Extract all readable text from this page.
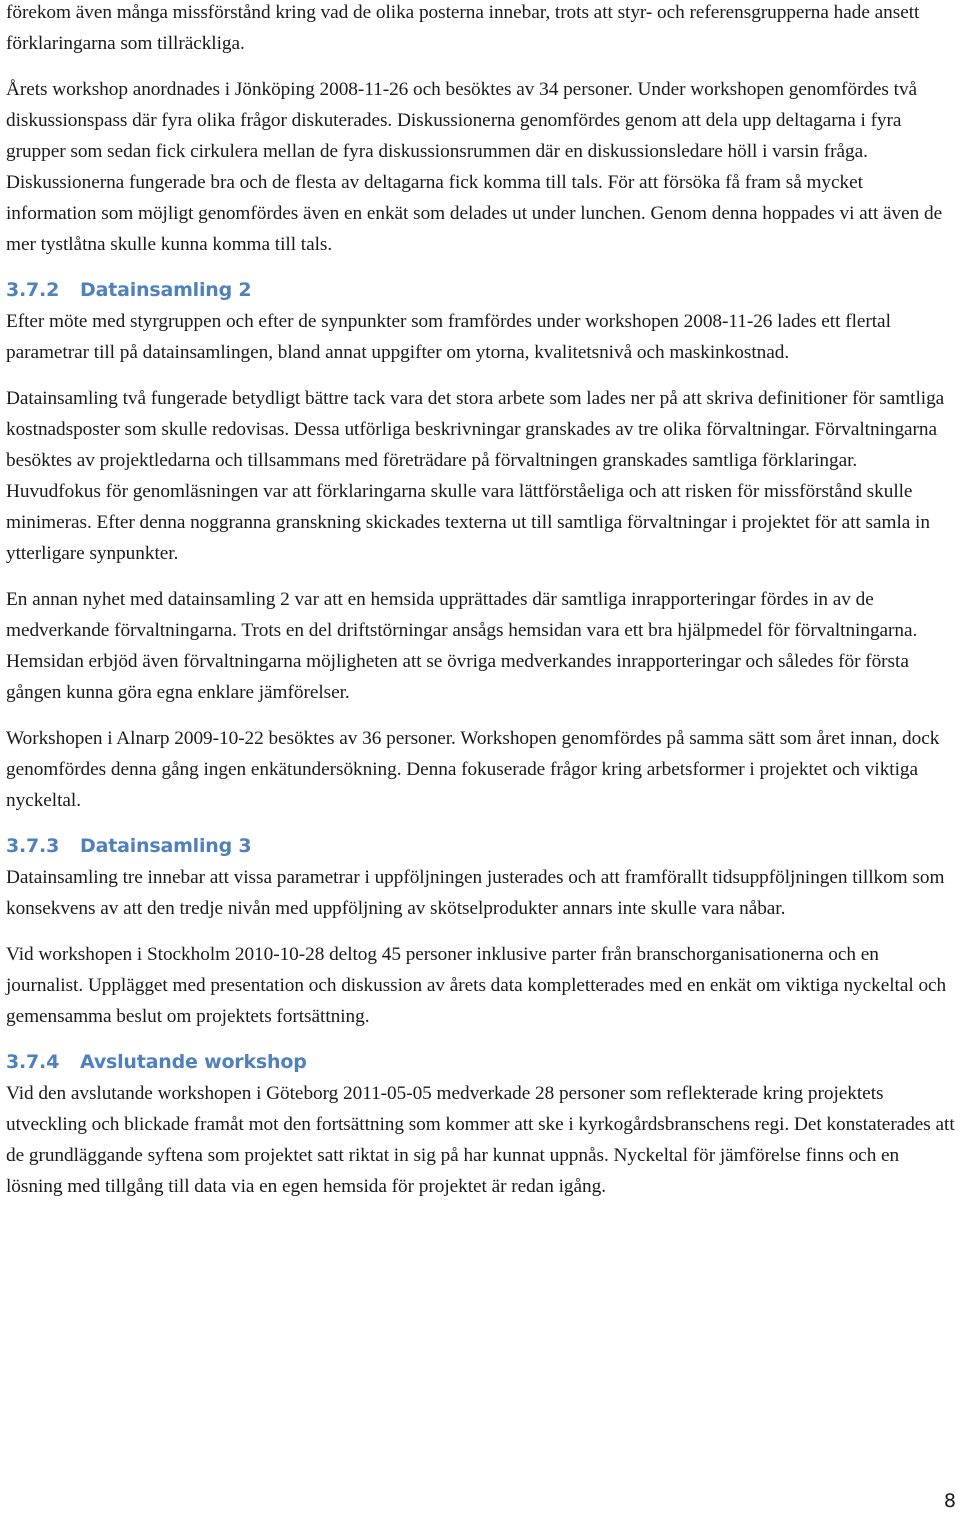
förekom även många missförstånd kring vad de olika posterna innebar, trots att styr- och referensgrupperna hade ansett förklaringarna som tillräckliga.

Årets workshop anordnades i Jönköping 2008-11-26 och besöktes av 34 personer. Under workshopen genomfördes två diskussionspass där fyra olika frågor diskuterades. Diskussionerna genomfördes genom att dela upp deltagarna i fyra grupper som sedan fick cirkulera mellan de fyra diskussionsrummen där en diskussionsledare höll i varsin fråga. Diskussionerna fungerade bra och de flesta av deltagarna fick komma till tals. För att försöka få fram så mycket information som möjligt genomfördes även en enkät som delades ut under lunchen. Genom denna hoppades vi att även de mer tystlåtna skulle kunna komma till tals.

3.7.2 Datainsamling 2

Efter möte med styrgruppen och efter de synpunkter som framfördes under workshopen 2008-11-26 lades ett flertal parametrar till på datainsamlingen, bland annat uppgifter om ytorna, kvalitetsnivå och maskinkostnad.

Datainsamling två fungerade betydligt bättre tack vara det stora arbete som lades ner på att skriva definitioner för samtliga kostnadsposter som skulle redovisas. Dessa utförliga beskrivningar granskades av tre olika förvaltningar. Förvaltningarna besöktes av projektledarna och tillsammans med företrädare på förvaltningen granskades samtliga förklaringar. Huvudfokus för genomläsningen var att förklaringarna skulle vara lättförståeliga och att risken för missförstånd skulle minimeras. Efter denna noggranna granskning skickades texterna ut till samtliga förvaltningar i projektet för att samla in ytterligare synpunkter.

En annan nyhet med datainsamling 2 var att en hemsida upprättades där samtliga inrapporteringar fördes in av de medverkande förvaltningarna. Trots en del driftstörningar ansågs hemsidan vara ett bra hjälpmedel för förvaltningarna. Hemsidan erbjöd även förvaltningarna möjligheten att se övriga medverkandes inrapporteringar och således för första gången kunna göra egna enklare jämförelser.

Workshopen i Alnarp 2009-10-22 besöktes av 36 personer. Workshopen genomfördes på samma sätt som året innan, dock genomfördes denna gång ingen enkätundersökning. Denna fokuserade frågor kring arbetsformer i projektet och viktiga nyckeltal.

3.7.3 Datainsamling 3

Datainsamling tre innebar att vissa parametrar i uppföljningen justerades och att framförallt tidsuppföljningen tillkom som konsekvens av att den tredje nivån med uppföljning av skötselprodukter annars inte skulle vara nåbar.

Vid workshopen i Stockholm 2010-10-28 deltog 45 personer inklusive parter från branschorganisationerna och en journalist. Upplägget med presentation och diskussion av årets data kompletterades med en enkät om viktiga nyckeltal och gemensamma beslut om projektets fortsättning.

3.7.4 Avslutande workshop

Vid den avslutande workshopen i Göteborg 2011-05-05 medverkade 28 personer som reflekterade kring projektets utveckling och blickade framåt mot den fortsättning som kommer att ske i kyrkogårdsbranschens regi. Det konstaterades att de grundläggande syftena som projektet satt riktat in sig på har kunnat uppnås. Nyckeltal för jämförelse finns och en lösning med tillgång till data via en egen hemsida för projektet är redan igång.

8
